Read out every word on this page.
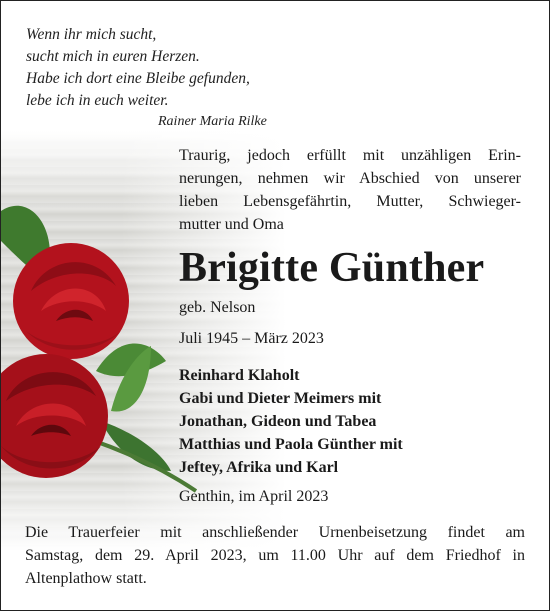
Wenn ihr mich sucht,
sucht mich in euren Herzen.
Habe ich dort eine Bleibe gefunden,
lebe ich in euch weiter.
Rainer Maria Rilke
Traurig, jedoch erfüllt mit unzähligen Erin-
nerungen, nehmen wir Abschied von unserer
lieben Lebensgefährtin, Mutter, Schwieger-
mutter und Oma
Brigitte Günther
geb. Nelson
Juli 1945 – März 2023
Reinhard Klaholt
Gabi und Dieter Meimers mit
Jonathan, Gideon und Tabea
Matthias und Paola Günther mit
Jeftey, Afrika und Karl
Genthin, im April 2023
Die Trauerfeier mit anschließender Urnenbeisetzung findet am
Samstag, dem 29. April 2023, um 11.00 Uhr auf dem Friedhof in
Altenplathow statt.
